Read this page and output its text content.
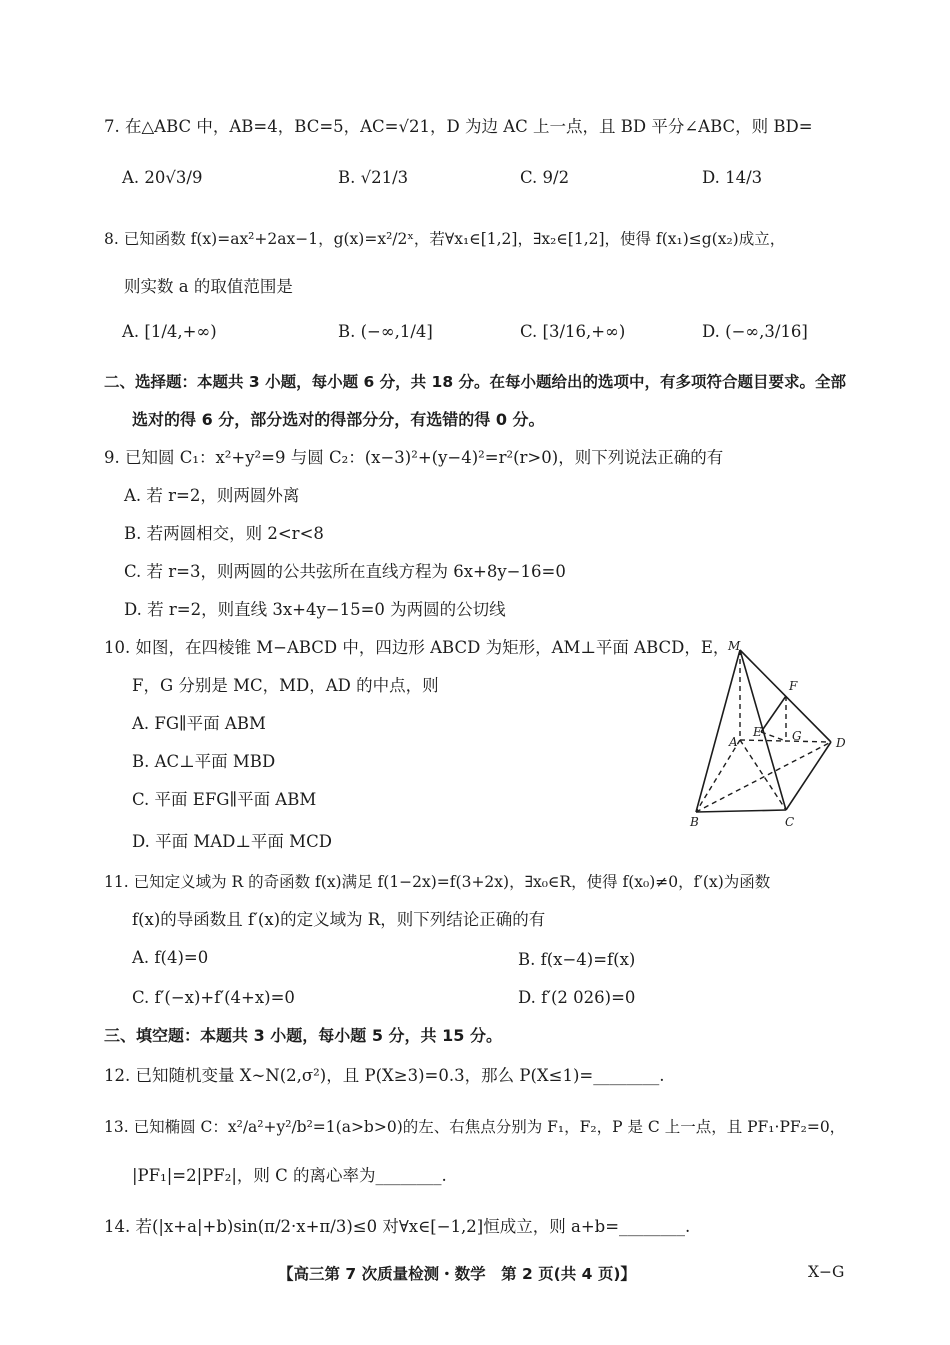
7. 在△ABC 中，AB=4，BC=5，AC=√21，D 为边 AC 上一点，且 BD 平分∠ABC，则 BD=
A. 20√3/9	B. √21/3	C. 9/2	D. 14/3
8. 已知函数 f(x)=ax²+2ax−1，g(x)=x²/2ˣ，若∀x₁∈[1,2]，∃x₂∈[1,2]，使得 f(x₁)≤g(x₂)成立，
则实数 a 的取值范围是
A. [1/4,+∞)	B. (−∞,1/4]	C. [3/16,+∞)	D. (−∞,3/16]
二、选择题：本题共 3 小题，每小题 6 分，共 18 分。在每小题给出的选项中，有多项符合题目要求。全部
选对的得 6 分，部分选对的得部分分，有选错的得 0 分。
9. 已知圆 C₁：x²+y²=9 与圆 C₂：(x−3)²+(y−4)²=r²(r>0)，则下列说法正确的有
A. 若 r=2，则两圆外离
B. 若两圆相交，则 2<r<8
C. 若 r=3，则两圆的公共弦所在直线方程为 6x+8y−16=0
D. 若 r=2，则直线 3x+4y−15=0 为两圆的公切线
10. 如图，在四棱锥 M−ABCD 中，四边形 ABCD 为矩形，AM⊥平面 ABCD，E，
F，G 分别是 MC，MD，AD 的中点，则
A. FG∥平面 ABM
B. AC⊥平面 MBD
C. 平面 EFG∥平面 ABM
D. 平面 MAD⊥平面 MCD
M
F
E	G
A	D
B	C
11. 已知定义域为 R 的奇函数 f(x)满足 f(1−2x)=f(3+2x)，∃x₀∈R，使得 f(x₀)≠0，f′(x)为函数
f(x)的导函数且 f′(x)的定义域为 R，则下列结论正确的有
A. f(4)=0	B. f(x−4)=f(x)
C. f′(−x)+f′(4+x)=0	D. f′(2 026)=0
三、填空题：本题共 3 小题，每小题 5 分，共 15 分。
12. 已知随机变量 X∼N(2,σ²)，且 P(X≥3)=0.3，那么 P(X≤1)=________.
13. 已知椭圆 C：x²/a²+y²/b²=1(a>b>0)的左、右焦点分别为 F₁，F₂，P 是 C 上一点，且 PF₁·PF₂=0，
|PF₁|=2|PF₂|，则 C 的离心率为________.
14. 若(|x+a|+b)sin(π/2·x+π/3)≤0 对∀x∈[−1,2]恒成立，则 a+b=________.
【高三第 7 次质量检测・数学　第 2 页(共 4 页)】	X−G
